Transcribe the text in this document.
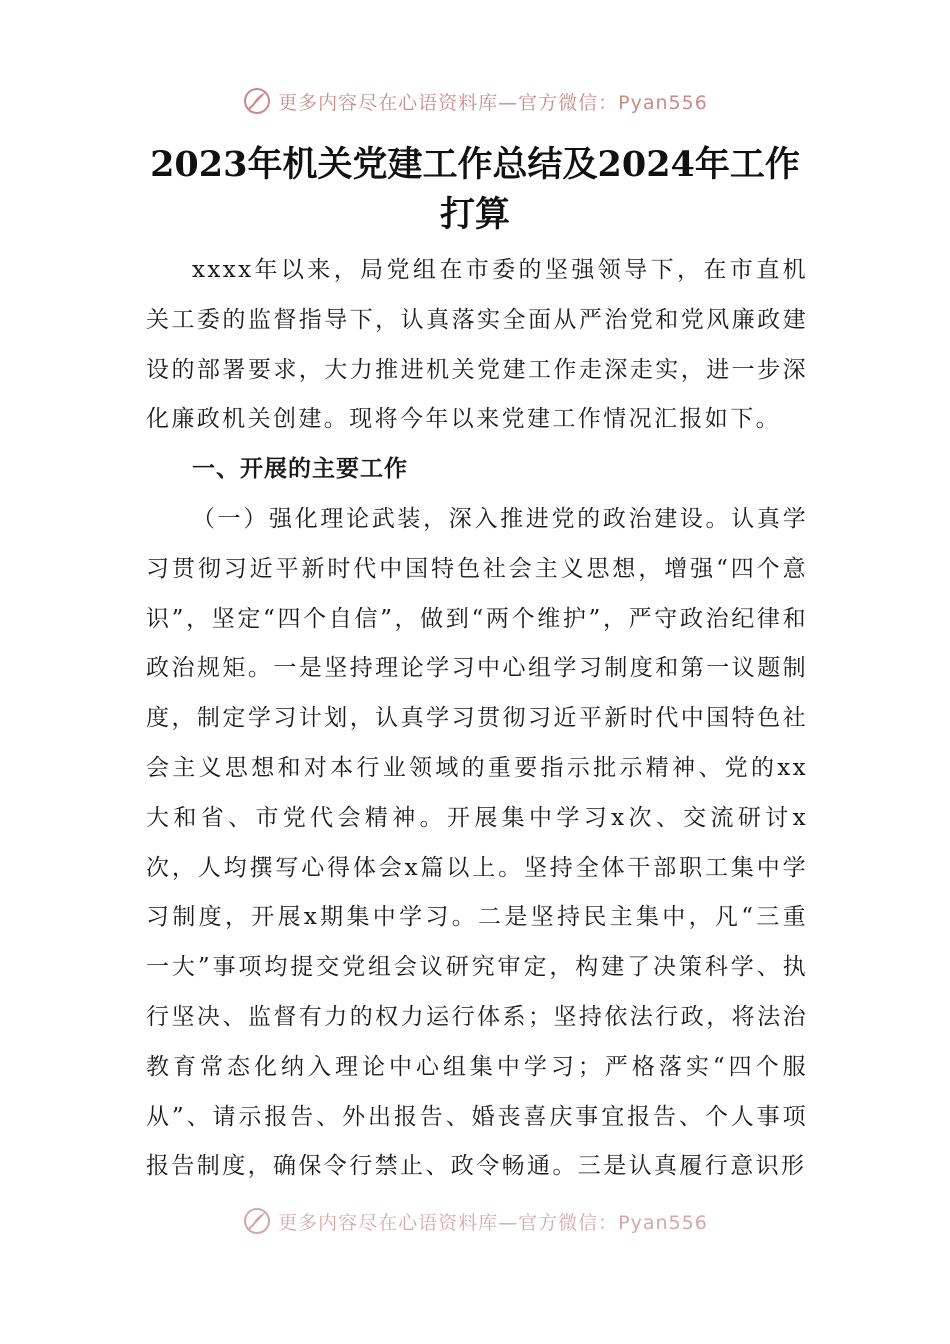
更多内容尽在心语资料库—官方微信：Pyan556
2023年机关党建工作总结及2024年工作打算

xxxx年以来，局党组在市委的坚强领导下，在市直机关工委的监督指导下，认真落实全面从严治党和党风廉政建设的部署要求，大力推进机关党建工作走深走实，进一步深化廉政机关创建。现将今年以来党建工作情况汇报如下。

一、开展的主要工作

（一）强化理论武装，深入推进党的政治建设。认真学习贯彻习近平新时代中国特色社会主义思想，增强“四个意识”，坚定“四个自信”，做到“两个维护”，严守政治纪律和政治规矩。一是坚持理论学习中心组学习制度和第一议题制度，制定学习计划，认真学习贯彻习近平新时代中国特色社会主义思想和对本行业领域的重要指示批示精神、党的xx大和省、市党代会精神。开展集中学习x次、交流研讨x次，人均撰写心得体会x篇以上。坚持全体干部职工集中学习制度，开展x期集中学习。二是坚持民主集中，凡“三重一大”事项均提交党组会议研究审定，构建了决策科学、执行坚决、监督有力的权力运行体系；坚持依法行政，将法治教育常态化纳入理论中心组集中学习；严格落实“四个服从”、请示报告、外出报告、婚丧喜庆事宜报告、个人事项报告制度，确保令行禁止、政令畅通。三是认真履行意识形

更多内容尽在心语资料库—官方微信：Pyan556
